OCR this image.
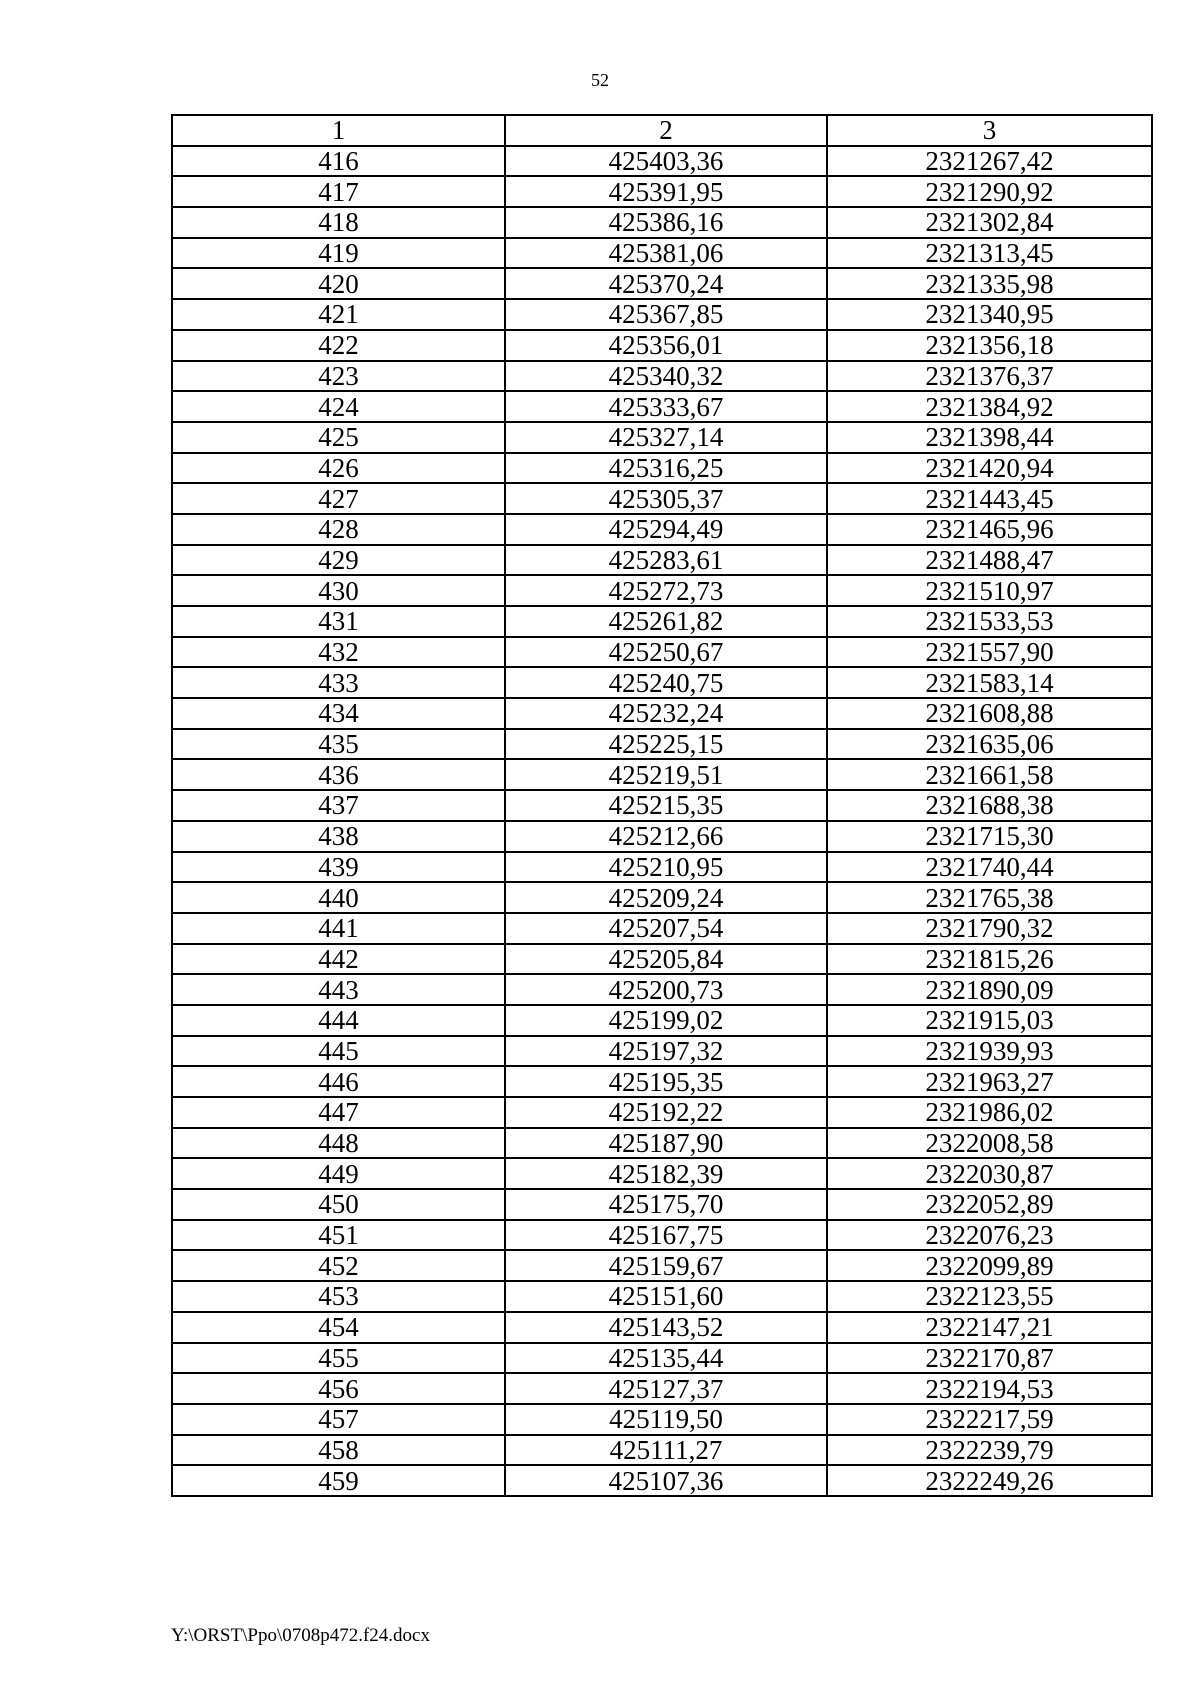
52
1	2	3
416	425403,36	2321267,42
417	425391,95	2321290,92
418	425386,16	2321302,84
419	425381,06	2321313,45
420	425370,24	2321335,98
421	425367,85	2321340,95
422	425356,01	2321356,18
423	425340,32	2321376,37
424	425333,67	2321384,92
425	425327,14	2321398,44
426	425316,25	2321420,94
427	425305,37	2321443,45
428	425294,49	2321465,96
429	425283,61	2321488,47
430	425272,73	2321510,97
431	425261,82	2321533,53
432	425250,67	2321557,90
433	425240,75	2321583,14
434	425232,24	2321608,88
435	425225,15	2321635,06
436	425219,51	2321661,58
437	425215,35	2321688,38
438	425212,66	2321715,30
439	425210,95	2321740,44
440	425209,24	2321765,38
441	425207,54	2321790,32
442	425205,84	2321815,26
443	425200,73	2321890,09
444	425199,02	2321915,03
445	425197,32	2321939,93
446	425195,35	2321963,27
447	425192,22	2321986,02
448	425187,90	2322008,58
449	425182,39	2322030,87
450	425175,70	2322052,89
451	425167,75	2322076,23
452	425159,67	2322099,89
453	425151,60	2322123,55
454	425143,52	2322147,21
455	425135,44	2322170,87
456	425127,37	2322194,53
457	425119,50	2322217,59
458	425111,27	2322239,79
459	425107,36	2322249,26
Y:\ORST\Ppo\0708p472.f24.docx
